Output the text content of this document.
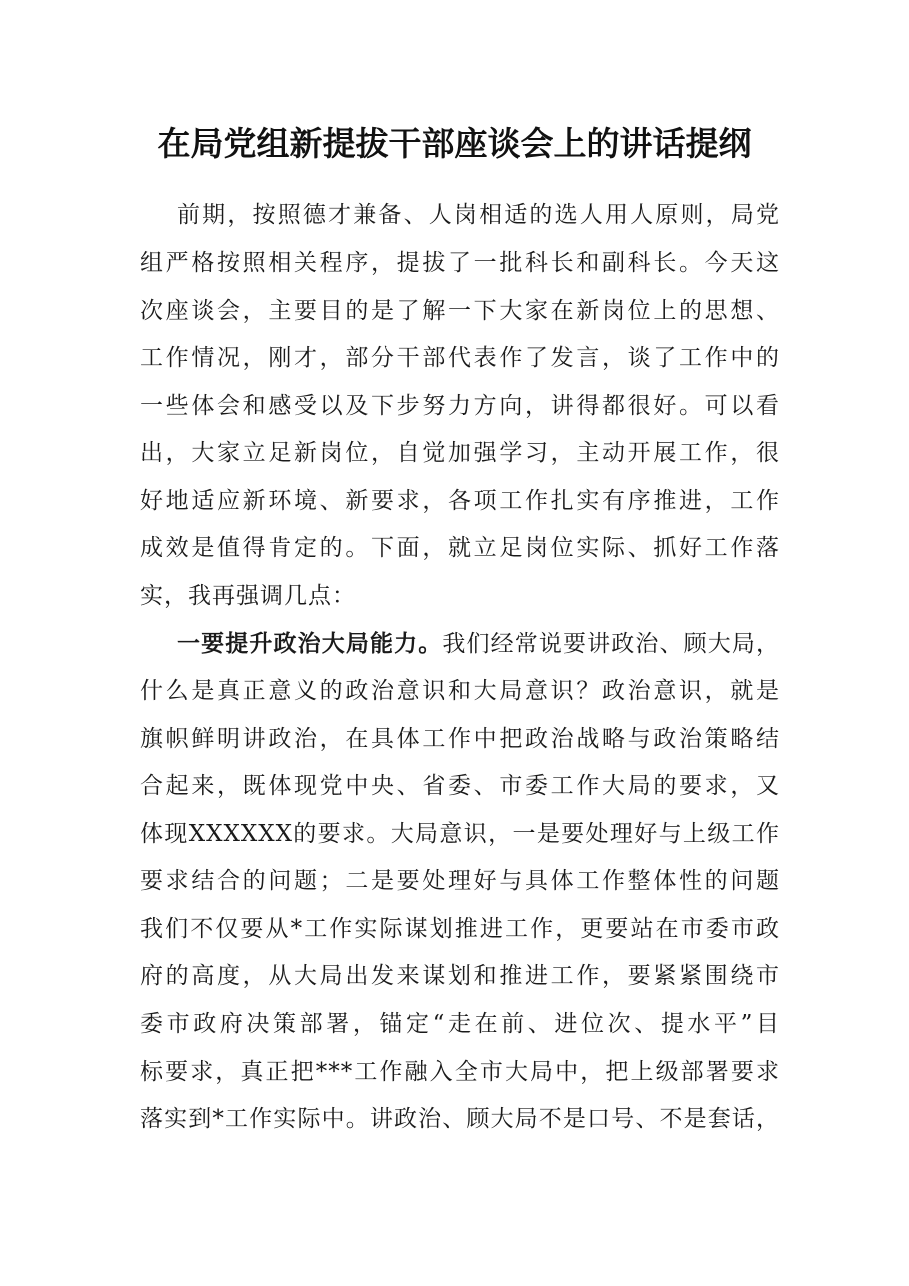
在局党组新提拔干部座谈会上的讲话提纲
前期，按照德才兼备、人岗相适的选人用人原则，局党
组严格按照相关程序，提拔了一批科长和副科长。今天这
次座谈会，主要目的是了解一下大家在新岗位上的思想、
工作情况，刚才，部分干部代表作了发言，谈了工作中的
一些体会和感受以及下步努力方向，讲得都很好。可以看
出，大家立足新岗位，自觉加强学习，主动开展工作，很
好地适应新环境、新要求，各项工作扎实有序推进，工作
成效是值得肯定的。下面，就立足岗位实际、抓好工作落
实，我再强调几点：
一要提升政治大局能力。我们经常说要讲政治、顾大局，
什么是真正意义的政治意识和大局意识？政治意识，就是
旗帜鲜明讲政治，在具体工作中把政治战略与政治策略结
合起来，既体现党中央、省委、市委工作大局的要求，又
体现XXXXXX的要求。大局意识，一是要处理好与上级工作
要求结合的问题；二是要处理好与具体工作整体性的问题
我们不仅要从*工作实际谋划推进工作，更要站在市委市政
府的高度，从大局出发来谋划和推进工作，要紧紧围绕市
委市政府决策部署，锚定“走在前、进位次、提水平”目
标要求，真正把***工作融入全市大局中，把上级部署要求
落实到*工作实际中。讲政治、顾大局不是口号、不是套话，
